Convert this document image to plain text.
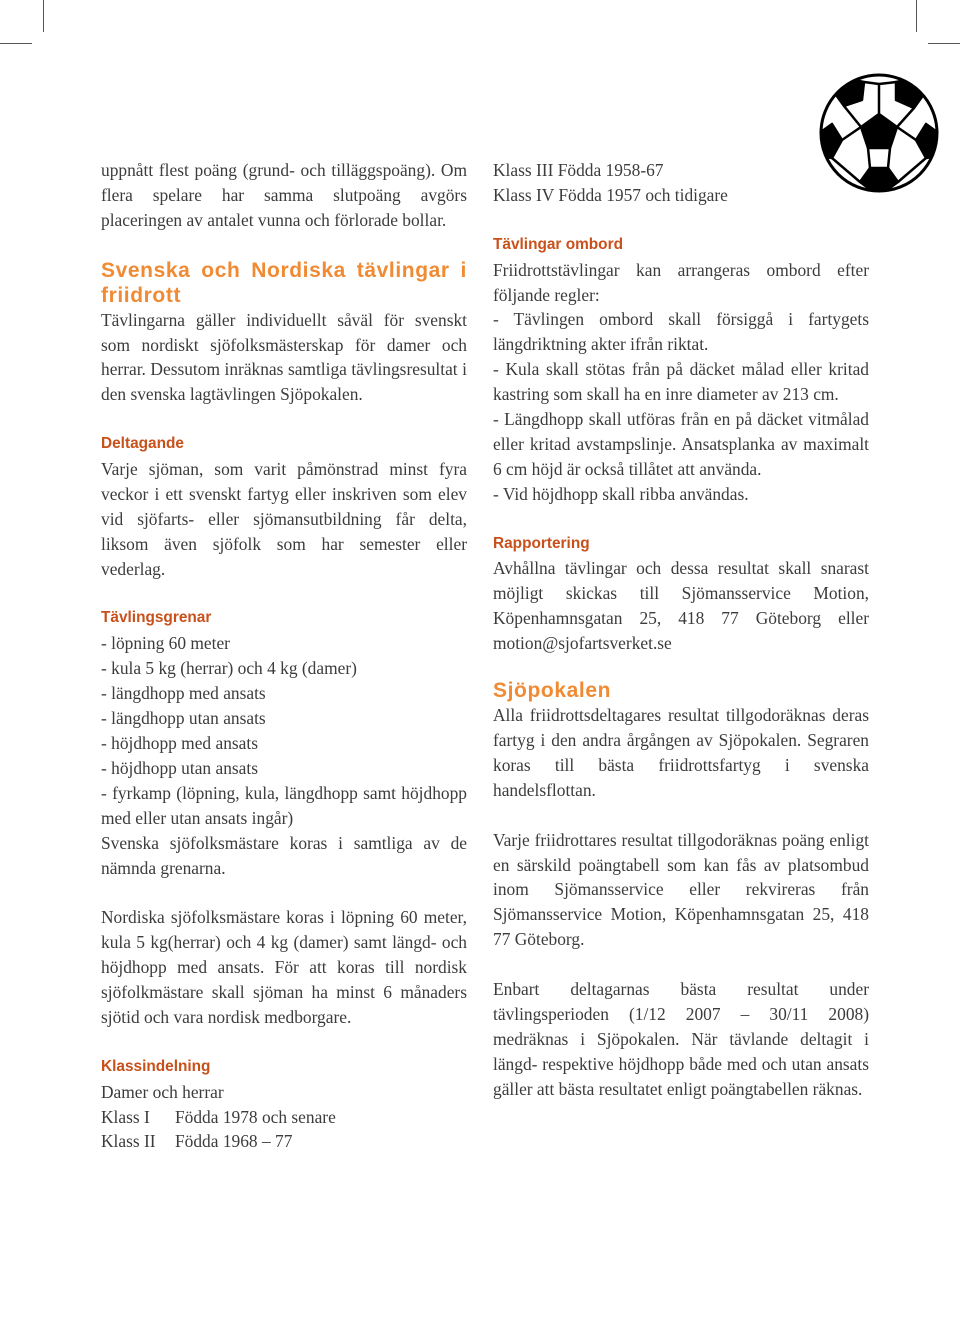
uppnått flest poäng (grund- och tilläggspoäng). Om flera spelare har samma slutpoäng avgörs placeringen av antalet vunna och förlorade bollar.

Svenska och Nordiska tävlingar i friidrott

Tävlingarna gäller individuellt såväl för svenskt som nordiskt sjöfolksmästerskap för damer och herrar. Dessutom inräknas samtliga tävlingsresultat i den svenska lagtävlingen Sjöpokalen.

Deltagande

Varje sjöman, som varit påmönstrad minst fyra veckor i ett svenskt fartyg eller inskriven som elev vid sjöfarts- eller sjömansutbildning får delta, liksom även sjöfolk som har semester eller vederlag.

Tävlingsgrenar

- löpning 60 meter
- kula 5 kg (herrar) och 4 kg (damer)
- längdhopp med ansats
- längdhopp utan ansats
- höjdhopp med ansats
- höjdhopp utan ansats

- fyrkamp (löpning, kula, längdhopp samt höjdhopp med eller utan ansats ingår)

Svenska sjöfolksmästare koras i samtliga av de nämnda grenarna.

Nordiska sjöfolksmästare koras i löpning 60 meter, kula 5 kg(herrar) och 4 kg (damer) samt längd- och höjdhopp med ansats. För att koras till nordisk sjöfolkmästare skall sjöman ha minst 6 månaders sjötid och vara nordisk medborgare.

Klassindelning

Damer och herrar

Klass I	Födda 1978 och senare
Klass II	Födda 1968 – 77

Klass III Födda 1958-67
Klass IV Födda 1957 och tidigare

Tävlingar ombord

Friidrottstävlingar kan arrangeras ombord efter följande regler:

- Tävlingen ombord skall försiggå i fartygets längdriktning akter ifrån riktat.

- Kula skall stötas från på däcket målad eller kritad kastring som skall ha en inre diameter av 213 cm.

- Längdhopp skall utföras från en på däcket vitmålad eller kritad avstampslinje. Ansatsplanka av maximalt 6 cm höjd är också tillåtet att använda.

- Vid höjdhopp skall ribba användas.

Rapportering

Avhållna tävlingar och dessa resultat skall snarast möjligt skickas till Sjömansservice Motion, Köpenhamnsgatan 25, 418 77 Göteborg eller motion@sjofartsverket.se

Sjöpokalen

Alla friidrottsdeltagares resultat tillgodoräknas deras fartyg i den andra årgången av Sjöpokalen. Segraren koras till bästa friidrottsfartyg i svenska handelsflottan.

Varje friidrottares resultat tillgodoräknas poäng enligt en särskild poängtabell som kan fås av platsombud inom Sjömansservice eller rekvireras från Sjömansservice Motion, Köpenhamnsgatan 25, 418 77 Göteborg.

Enbart deltagarnas bästa resultat under tävlingsperioden (1/12 2007 – 30/11 2008) medräknas i Sjöpokalen. När tävlande deltagit i längd- respektive höjdhopp både med och utan ansats gäller att bästa resultatet enligt poängtabellen räknas.
